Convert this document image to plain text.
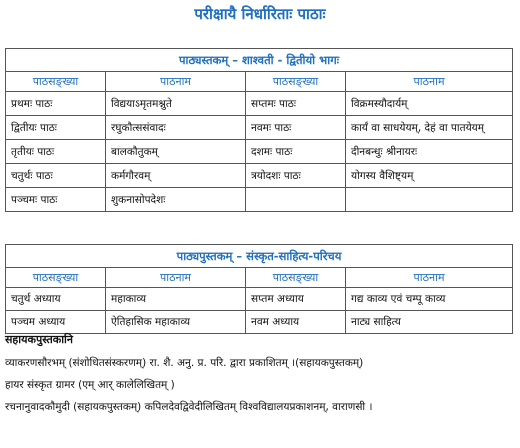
परीक्षायै निर्धारिताः पाठाः
पाठ्यस्तकम् – शाश्वती - द्वितीयो भागः			
पाठसङ्ख्या	पाठनाम	पाठसङ्ख्या	पाठनाम
प्रथमः पाठः	विद्ययाऽमृतमश्नुते	सप्तमः पाठः	विक्रमस्यौदार्यम्
द्वितीयः पाठः	रघुकौत्ससंवादः	नवमः पाठः	कार्यं वा साधयेयम्, देहं वा पातयेयम्
तृतीयः पाठः	बालकौतुकम्	दशमः पाठः	दीनबन्धुः श्रीनायरः
चतुर्थः पाठः	कर्मगौरवम्	त्रयोदशः पाठः	योगस्य वैशिष्ट्यम्
पञ्चमः पाठः	शुकनासोपदेशः		
पाठ्यपुस्तकम् – संस्कृत-साहित्य-परिचय			
पाठसङ्ख्या	पाठनाम	पाठसङ्ख्या	पाठनाम
चतुर्थ अध्याय	महाकाव्य	सप्तम अध्याय	गद्य काव्य एवं चम्पू काव्य
पञ्चम अध्याय	ऐतिहासिक महाकाव्य	नवम अध्याय	नाट्य साहित्य
सहायकपुस्तकानि
व्याकरणसौरभम् (संशोधितसंस्करणम्) रा. शै. अनु. प्र. परि. द्वारा प्रकाशितम् ।(सहायकपुस्तकम्)
हायर संस्कृत ग्रामर (एम् आर् कालेलिखितम् )
रचनानुवादकौमुदी (सहायकपुस्तकम्) कपिलदेवद्विवेदीलिखितम् विश्वविद्यालयप्रकाशनम्, वाराणसी ।
